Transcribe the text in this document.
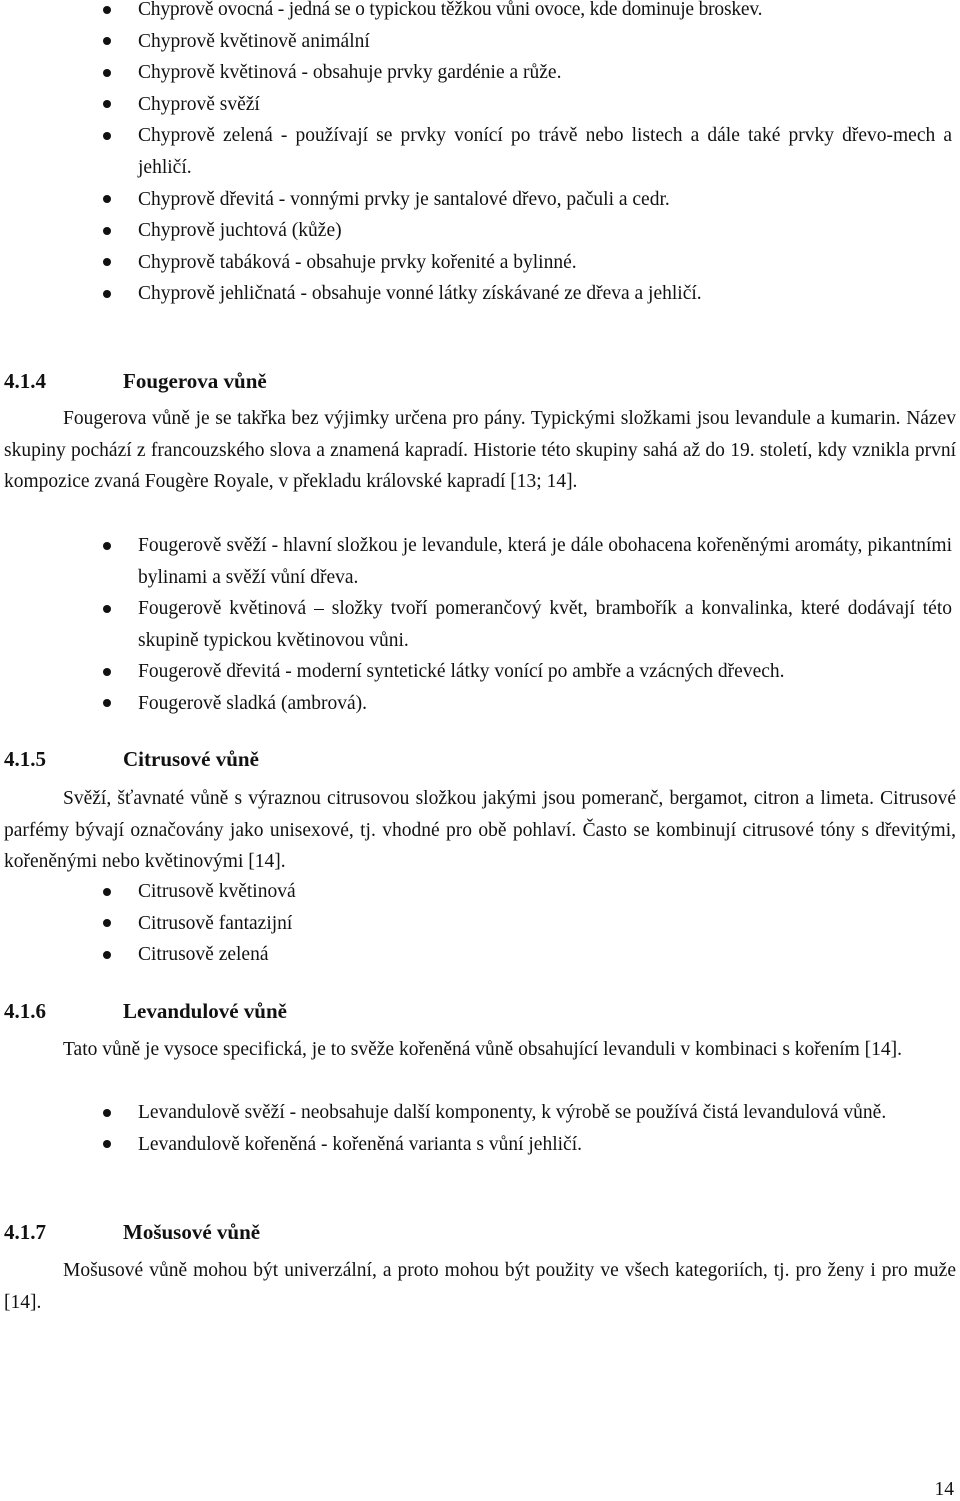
Chyprově ovocná - jedná se o typickou těžkou vůni ovoce, kde dominuje broskev.
Chyprově květinově animální
Chyprově květinová - obsahuje prvky gardénie a růže.
Chyprově svěží
Chyprově zelená - používají se prvky vonící po trávě nebo listech a dále také prvky dřevo-mech a jehličí.
Chyprově dřevitá - vonnými prvky je santalové dřevo, pačuli a cedr.
Chyprově juchtová (kůže)
Chyprově tabáková - obsahuje prvky kořenité a bylinné.
Chyprově jehličnatá - obsahuje vonné látky získávané ze dřeva a jehličí.
4.1.4	Fougerova vůně

Fougerova vůně je se takřka bez výjimky určena pro pány. Typickými složkami jsou levandule a kumarin. Název skupiny pochází z francouzského slova a znamená kapradí. Historie této skupiny sahá až do 19. století, kdy vznikla první kompozice zvaná Fougère Royale, v překladu královské kapradí [13; 14].

Fougerově svěží - hlavní složkou je levandule, která je dále obohacena kořeněnými aromáty, pikantními bylinami a svěží vůní dřeva.
Fougerově květinová – složky tvoří pomerančový květ, brambořík a konvalinka, které dodávají této skupině typickou květinovou vůni.
Fougerově dřevitá - moderní syntetické látky vonící po ambře a vzácných dřevech.
Fougerově sladká (ambrová).
4.1.5	Citrusové vůně

Svěží, šťavnaté vůně s výraznou citrusovou složkou jakými jsou pomeranč, bergamot, citron a limeta. Citrusové parfémy bývají označovány jako unisexové, tj. vhodné pro obě pohlaví. Často se kombinují citrusové tóny s dřevitými, kořeněnými nebo květinovými [14].

Citrusově květinová
Citrusově fantazijní
Citrusově zelená
4.1.6	Levandulové vůně

Tato vůně je vysoce specifická, je to svěže kořeněná vůně obsahující levanduli v kombinaci s kořením [14].

Levandulově svěží - neobsahuje další komponenty, k výrobě se používá čistá levandulová vůně.
Levandulově kořeněná - kořeněná varianta s vůní jehličí.
4.1.7	Mošusové vůně

Mošusové vůně mohou být univerzální, a proto mohou být použity ve všech kategoriích, tj. pro ženy i pro muže [14].

14
